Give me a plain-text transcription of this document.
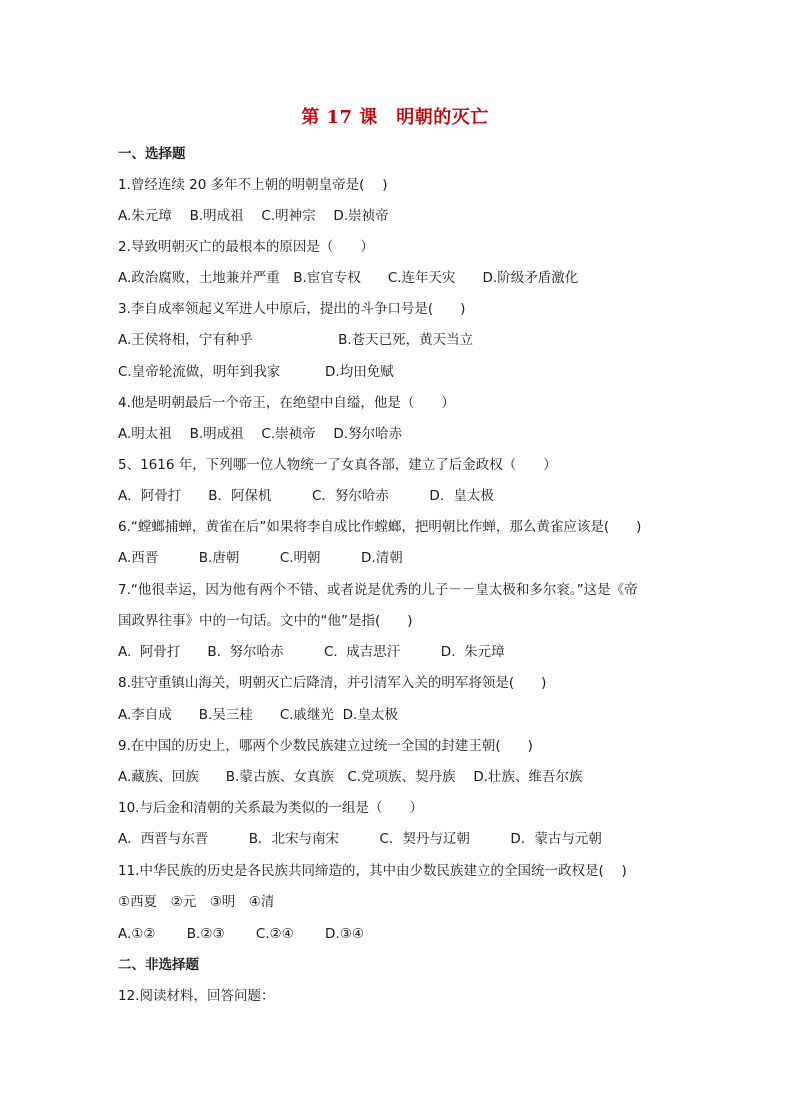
第 17 课　明朝的灭亡
一、选择题
1.曾经连续 20 多年不上朝的明朝皇帝是(　 )
A.朱元璋　 B.明成祖　 C.明神宗　 D.崇祯帝
2.导致明朝灭亡的最根本的原因是（　　）
A.政治腐败，土地兼并严重　B.宦官专权　　C.连年天灾　　D.阶级矛盾激化
3.李自成率领起义军进人中原后，提出的斗争口号是(　　)
A.王侯将相，宁有种乎　　　　　　 B.苍天已死，黄天当立
C.皇帝轮流做，明年到我家　　　 D.均田免赋
4.他是明朝最后一个帝王，在绝望中自缢，他是（　　）
A.明太祖　 B.明成祖　 C.崇祯帝　 D.努尔哈赤
5、1616 年，下列哪一位人物统一了女真各部，建立了后金政权（　　）
A．阿骨打　　B．阿保机　　　C．努尔哈赤　　　D．皇太极
6.“螳螂捕蝉，黄雀在后”如果将李自成比作螳螂，把明朝比作蝉，那么黄雀应该是(　　)
A.西晋　　　B.唐朝　　　C.明朝　　　D.清朝
7.“他很幸运，因为他有两个不错、或者说是优秀的儿子－－皇太极和多尔衮。”这是《帝
国政界往事》中的一句话。文中的“他”是指(　　)
A.  阿骨打　　B.  努尔哈赤　　　C.  成吉思汗　　　D.  朱元璋
8.驻守重镇山海关，明朝灭亡后降清，并引清军入关的明军将领是(　　)
A.李自成　　B.吴三桂　　C.戚继光  D.皇太极
9.在中国的历史上，哪两个少数民族建立过统一全国的封建王朝(　　)
A.藏族、回族　　B.蒙古族、女真族　C.党项族、契丹族　 D.壮族、维吾尔族
10.与后金和清朝的关系最为类似的一组是（　　）
A．西晋与东晋　　　B．北宋与南宋　　　C．契丹与辽朝　　　D．蒙古与元朝
11.中华民族的历史是各民族共同缔造的，其中由少数民族建立的全国统一政权是(　 )
①西夏　②元　③明　④清
A.①②　　 B.②③　　 C.②④　　 D.③④
二、非选择题
12.阅读材料，回答问题：
